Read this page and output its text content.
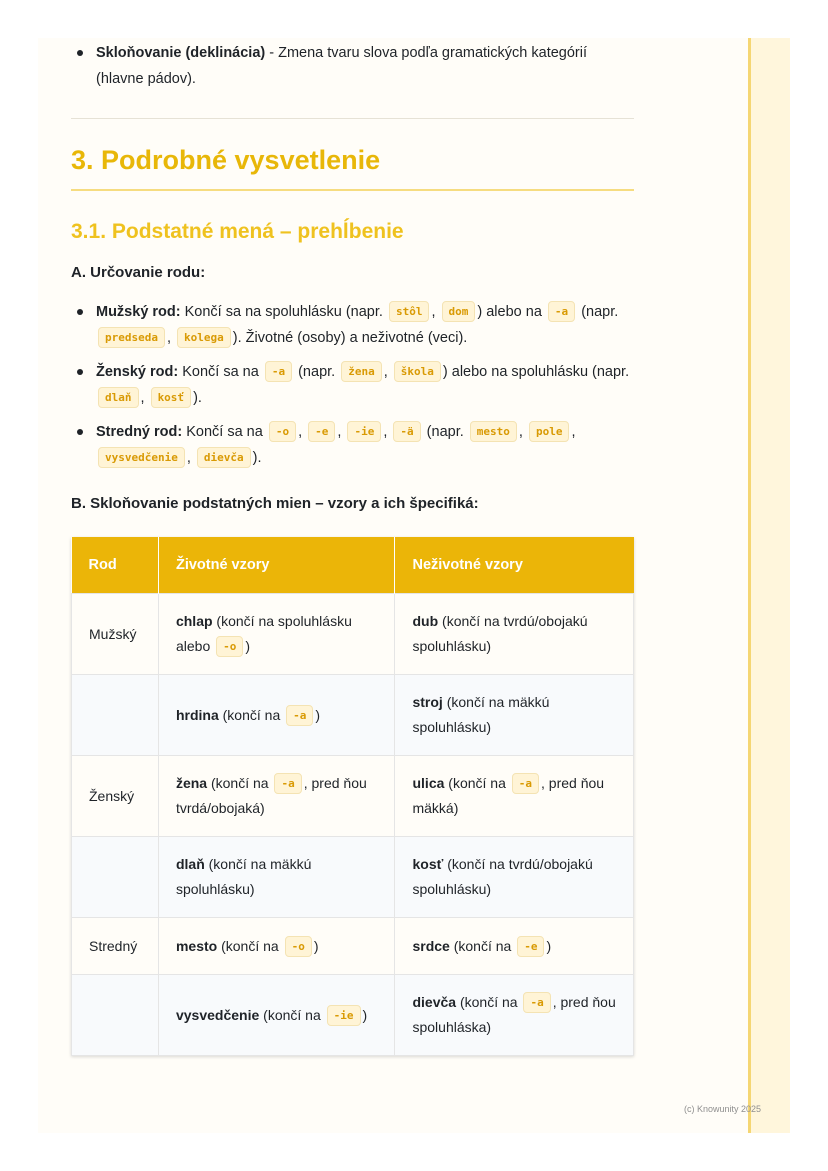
Skloňovanie (deklinácia) - Zmena tvaru slova podľa gramatických kategórií (hlavne pádov).
3. Podrobné vysvetlenie
3.1. Podstatné mená – prehĺbenie
A. Určovanie rodu:
Mužský rod: Končí sa na spoluhlásku (napr. stôl , dom ) alebo na -a (napr. predseda , kolega ). Životné (osoby) a neživotné (veci).
Ženský rod: Končí sa na -a (napr. žena , škola ) alebo na spoluhlásku (napr. dlaň , kosť ).
Stredný rod: Končí sa na -o , -e , -ie , -ä (napr. mesto , pole , vysvedčenie , dievča ).
B. Skloňovanie podstatných mien – vzory a ich špecifiká:
Rod	Životné vzory	Neživotné vzory
Mužský	chlap (končí na spoluhlásku alebo -o )	dub (končí na tvrdú/obojakú spoluhlásku)
	hrdina (končí na -a )	stroj (končí na mäkkú spoluhlásku)
Ženský	žena (končí na -a , pred ňou tvrdá/obojaká)	ulica (končí na -a , pred ňou mäkká)
	dlaň (končí na mäkkú spoluhlásku)	kosť (končí na tvrdú/obojakú spoluhlásku)
Stredný	mesto (končí na -o )	srdce (končí na -e )
	vysvedčenie (končí na -ie )	dievča (končí na -a , pred ňou spoluhláska)
(c) Knowunity 2025
